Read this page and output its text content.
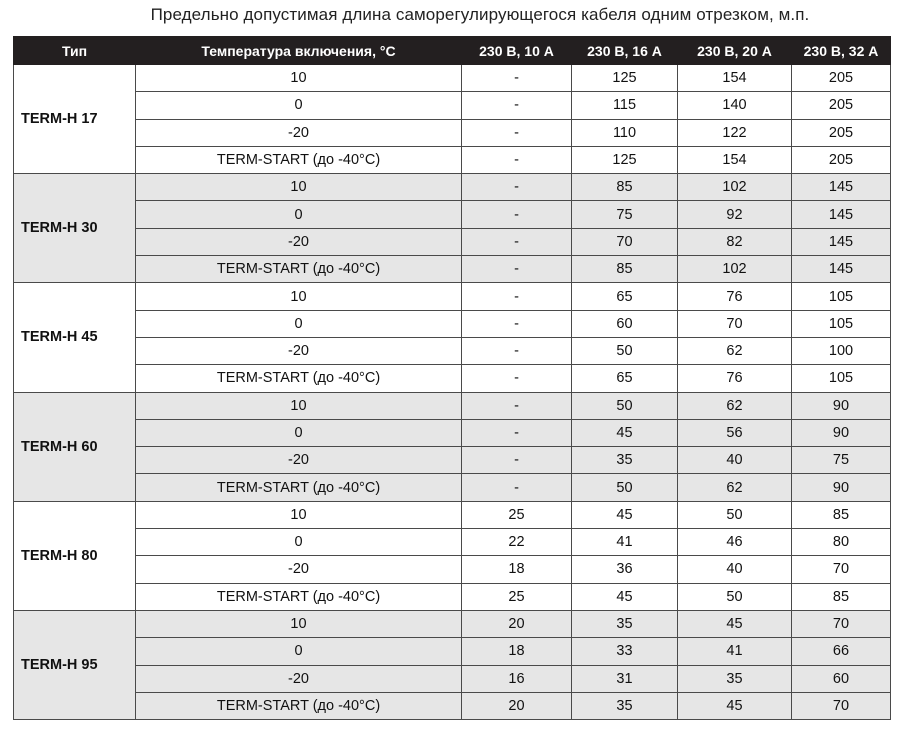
Предельно допустимая длина саморегулирующегося кабеля одним отрезком, м.п.
Тип	Температура включения, °С	230 В, 10 А	230 В, 16 А	230 В, 20 А	230 В, 32 А
TERM-H 17	10	-	125	154	205
	0	-	115	140	205
	-20	-	110	122	205
	TERM-START (до -40°С)	-	125	154	205
TERM-H 30	10	-	85	102	145
	0	-	75	92	145
	-20	-	70	82	145
	TERM-START (до -40°С)	-	85	102	145
TERM-H 45	10	-	65	76	105
	0	-	60	70	105
	-20	-	50	62	100
	TERM-START (до -40°С)	-	65	76	105
TERM-H 60	10	-	50	62	90
	0	-	45	56	90
	-20	-	35	40	75
	TERM-START (до -40°С)	-	50	62	90
TERM-H 80	10	25	45	50	85
	0	22	41	46	80
	-20	18	36	40	70
	TERM-START (до -40°С)	25	45	50	85
TERM-H 95	10	20	35	45	70
	0	18	33	41	66
	-20	16	31	35	60
	TERM-START (до -40°С)	20	35	45	70
